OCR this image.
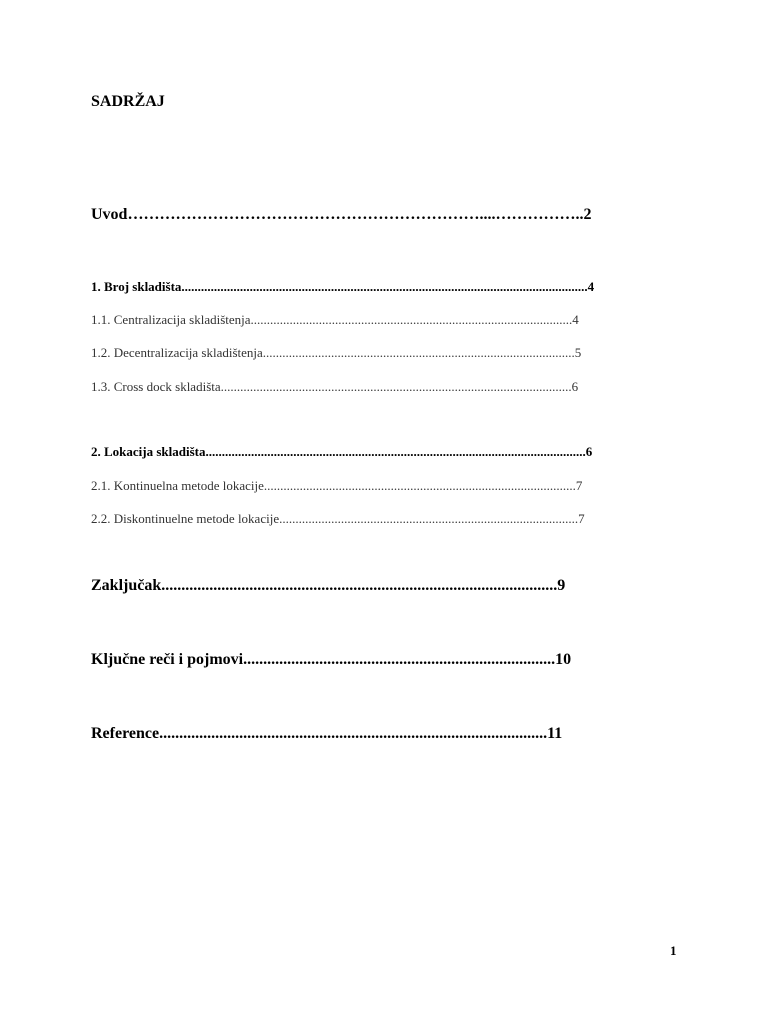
SADRŽAJ
Uvod…………………………………………………………....……………..2
1. Broj skladišta.............................................................................................................................4
1.1. Centralizacija skladištenja...................................................................................................4
1.2. Decentralizacija skladištenja................................................................................................5
1.3. Cross dock skladišta............................................................................................................6
2. Lokacija skladišta.....................................................................................................................6
2.1. Kontinuelna metode lokacije................................................................................................7
2.2. Diskontinuelne metode lokacije............................................................................................7
Zaključak...................................................................................................9
Ključne reči i pojmovi..............................................................................10
Reference.................................................................................................11
1
